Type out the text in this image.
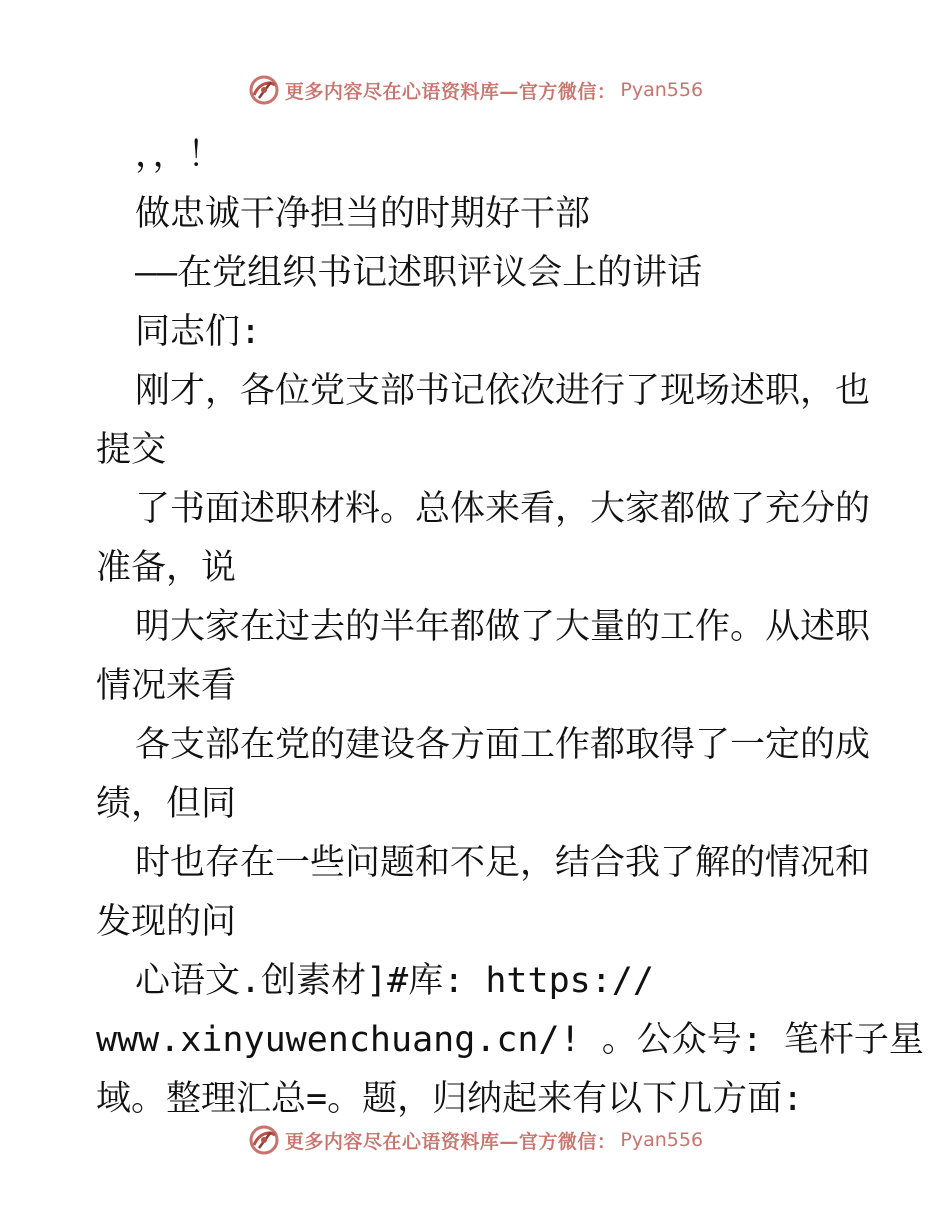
更多内容尽在心语资料库—官方微信： Pyan556
，，！
做忠诚干净担当的时期好干部
——在党组织书记述职评议会上的讲话
同志们:
刚才，各位党支部书记依次进行了现场述职，也
提交
了书面述职材料。总体来看，大家都做了充分的
准备，说
明大家在过去的半年都做了大量的工作。从述职
情况来看
各支部在党的建设各方面工作都取得了一定的成
绩，但同
时也存在一些问题和不足，结合我了解的情况和
发现的问
心语文.创素材]#库: https://
www.xinyuwenchuang.cn/! 。公众号: 笔杆子星
域。整理汇总=。题，归纳起来有以下几方面:
更多内容尽在心语资料库—官方微信： Pyan556
